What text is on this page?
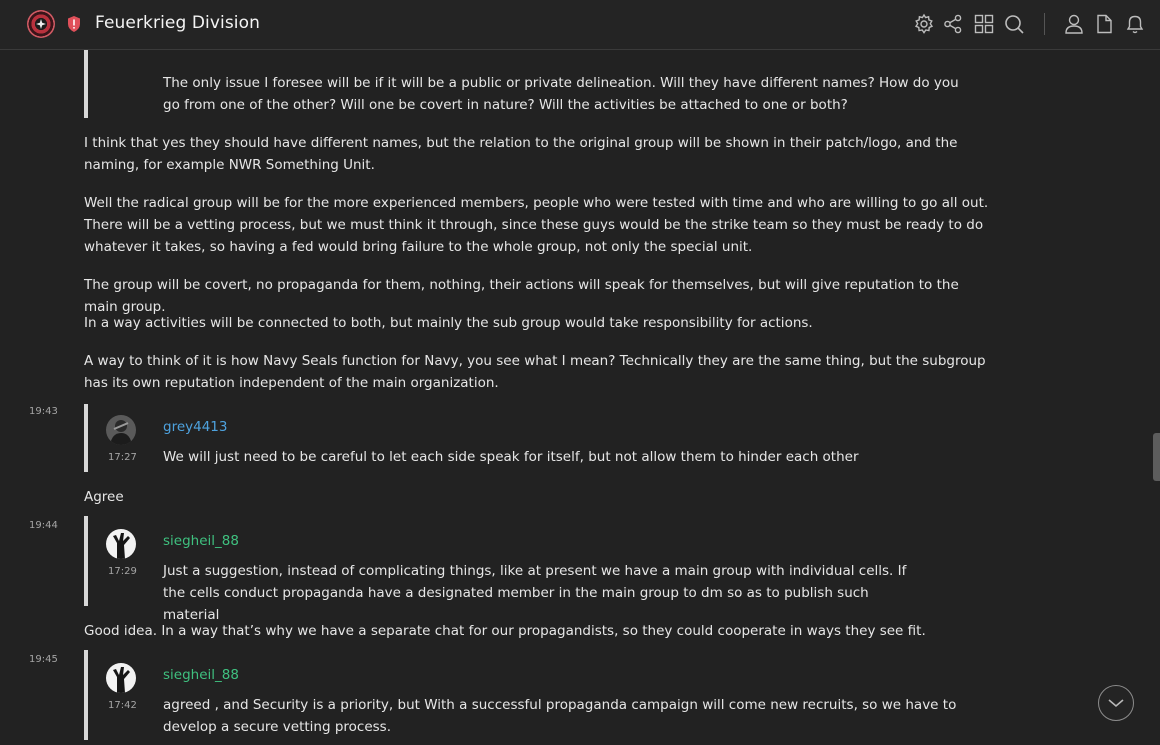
The only issue I foresee will be if it will be a public or private delineation. Will they have different names? How do you go from one of the other? Will one be covert in nature? Will the activities be attached to one or both?
I think that yes they should have different names, but the relation to the original group will be shown in their patch/logo, and the naming, for example NWR Something Unit.
Well the radical group will be for the more experienced members, people who were tested with time and who are willing to go all out. There will be a vetting process, but we must think it through, since these guys would be the strike team so they must be ready to do whatever it takes, so having a fed would bring failure to the whole group, not only the special unit.
The group will be covert, no propaganda for them, nothing, their actions will speak for themselves, but will give reputation to the main group.
In a way activities will be connected to both, but mainly the sub group would take responsibility for actions.
A way to think of it is how Navy Seals function for Navy, you see what I mean? Technically they are the same thing, but the subgroup has its own reputation independent of the main organization.
19:43
grey4413
17:27 We will just need to be careful to let each side speak for itself, but not allow them to hinder each other
Agree
19:44
siegheil_88
17:29 Just a suggestion, instead of complicating things, like at present we have a main group with individual cells. If the cells conduct propaganda have a designated member in the main group to dm so as to publish such material
Good idea. In a way that’s why we have a separate chat for our propagandists, so they could cooperate in ways they see fit.
19:45
siegheil_88
17:42 agreed , and Security is a priority, but With a successful propaganda campaign will come new recruits, so we have to develop a secure vetting process.
Feuerkrieg Division
